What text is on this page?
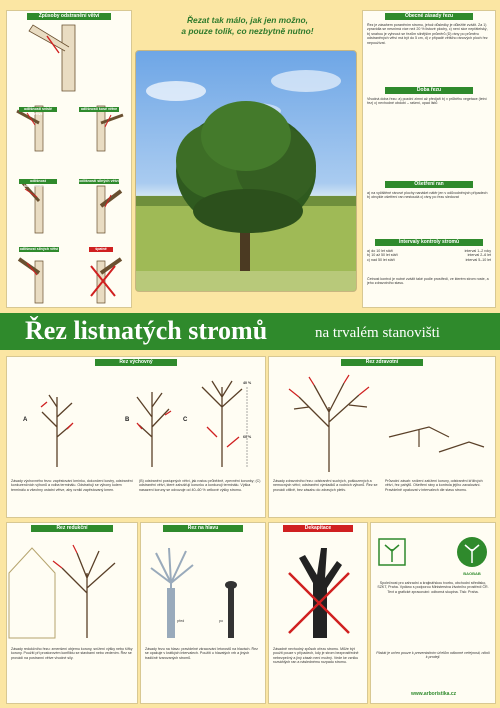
Řezat tak málo, jak jen možno,
a pouze tolik, co nezbytně nutno!
Způsoby odstranění větví
odlišnosti svislé větve
odlišnosti kosé větve
odlišnost kodominantních
odlišnosti silných větví
odlišnost silných větví se límečkem
špatně
Obecné zásady řezu
Řez je zásahem poraněním stromu, jehož důsledky je důležité zvážit. Za 1) zpravidla se nesnímá více než 20 % listové plochy, c) není sice nepřátelský, b) snahou je vyhnout se řezům silnějším průměrů (D) rány po průměru odstraněných větví má být do 5 cm, d) v případě většího ránových ploch řez nepoužívat.
Doba řezu
Vhodná doba řezu: a) pozdní zimní až předjaří b) v průběhu vegetace (letní řez) c) nevhodné období – rašení, opad listů
Ošetření ran
a) na vyčištěné ránové plochy nanášet nátěr jen v odůvodněných případech b) obvykle ošetření ran nestoudá c) rány po řezu sledovat
Intervaly kontroly stromů
a) do 10 let stáří	interval 1–2 roky
b) 10 až 50 let stáří	interval 2–6 let
c) nad 50 let stáří	interval 5–10 let
Četnost kontrol je nutné zvážit také podle prostředí, ve kterém strom roste, a jeho zdravotního stavu.
Řez listnatých stromů	na trvalém stanovišti
Řez výchovný
40 %
60 %
A	B	C
Zásady výchovného řezu: zapěstování kmínku, dokončení kostry, odstranění konkurenčních výhonů a volba terminálu. Odstraňují se výhony kolem terminálu a všechny ostatní větve, aby vznikl zapěstovaný kmen.
(B) odstranění postupných větví, jak rostou průběžně, zpevnění korunky; (C) odstranění větví, které zahušťují korunku a konkurují terminálu. Výška nasazení koruny se odvozuje od 40–60 % celkové výšky stromu.
Řez zdravotní
Zásady zdravotního řezu: odstranění suchých, poškozených a nemocných větví; odstranění výmladků a vodních výhonů. Řez se provádí citlivě, bez zásahu do zdravých pletiv.
Průvodní zásah: snížení zatížení koruny, odstranění kříživých větví, řez pahýlů. Ošetření rány a kontrola jejího zavalování. Pravidelně opakovat v intervalech dle stavu stromu.
Řez redukční
Zásady redukčního řezu: zmenšení objemu koruny, snížení výšky nebo šířky koruny. Použití při prostorovém konfliktu se stavbami nebo vedením. Řez se provádí na postranní větve vhodné síly.
Řez na hlavu
před	po
Zásady řezu na hlavu: pravidelné zkracování letorostů na hlavách. Řez se opakuje v krátkých intervalech. Použití u hlavatých vrb a jiných tradičně tvarovaných stromů.
Dekapitace
Zásadně nevhodný způsob ořezu stromu. Může být použit pouze v případech, kdy je strom bezprostředně nebezpečný a jiný zásah není možný. Vede ke vzniku rozsáhlých ran a následnému rozpadu stromu.
BAOBAB
Společnost pro zahradní a krajinářskou tvorbu, obchodní středisko, SZKT, Praha. Vydáno s podporou Ministerstva životního prostředí ČR. Text a grafické zpracování: odborná skupina. Tisk: Praha.
Plakát je určen pouze k prezentačním účelům odborné veřejnosti, nikoli k prodeji.
www.arboristika.cz
